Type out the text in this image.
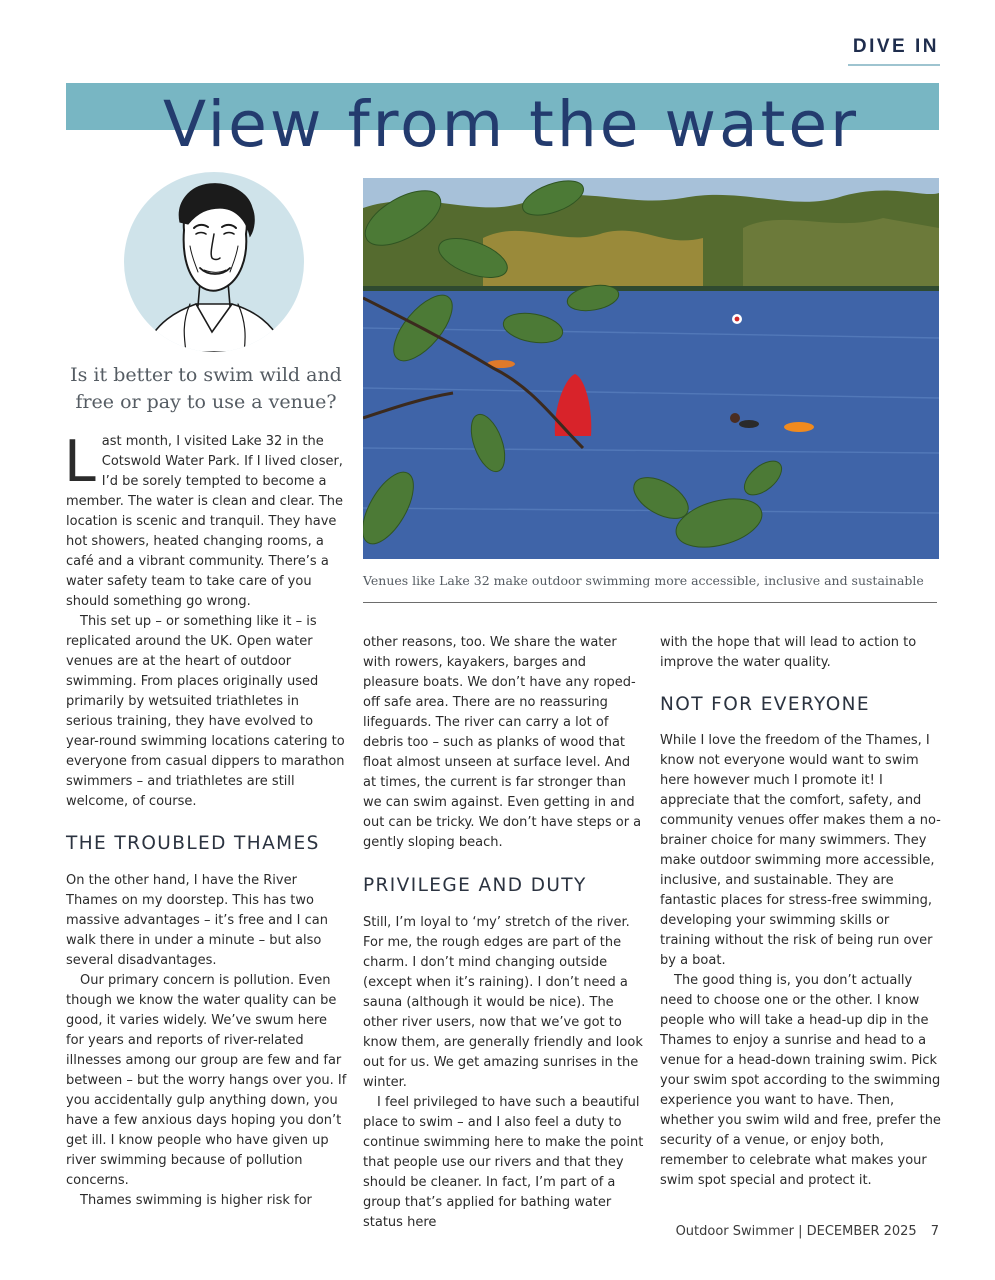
DIVE IN
View from the water
Is it better to swim wild and free or pay to use a venue?

Venues like Lake 32 make outdoor swimming more accessible, inclusive and sustainable

Last month, I visited Lake 32 in the Cotswold Water Park. If I lived closer, I’d be sorely tempted to become a member. The water is clean and clear. The location is scenic and tranquil. They have hot showers, heated changing rooms, a café and a vibrant community. There’s a water safety team to take care of you should something go wrong.

This set up – or something like it – is replicated around the UK. Open water venues are at the heart of outdoor swimming. From places originally used primarily by wetsuited triathletes in serious training, they have evolved to year-round swimming locations catering to everyone from casual dippers to marathon swimmers – and triathletes are still welcome, of course.

THE TROUBLED THAMES

On the other hand, I have the River Thames on my doorstep. This has two massive advantages – it’s free and I can walk there in under a minute – but also several disadvantages.

Our primary concern is pollution. Even though we know the water quality can be good, it varies widely. We’ve swum here for years and reports of river-related illnesses among our group are few and far between – but the worry hangs over you. If you accidentally gulp anything down, you have a few anxious days hoping you don’t get ill. I know people who have given up river swimming because of pollution concerns.

Thames swimming is higher risk for

other reasons, too. We share the water with rowers, kayakers, barges and pleasure boats. We don’t have any roped-off safe area. There are no reassuring lifeguards. The river can carry a lot of debris too – such as planks of wood that float almost unseen at surface level. And at times, the current is far stronger than we can swim against. Even getting in and out can be tricky. We don’t have steps or a gently sloping beach.

PRIVILEGE AND DUTY

Still, I’m loyal to ‘my’ stretch of the river. For me, the rough edges are part of the charm. I don’t mind changing outside (except when it’s raining). I don’t need a sauna (although it would be nice). The other river users, now that we’ve got to know them, are generally friendly and look out for us. We get amazing sunrises in the winter.

I feel privileged to have such a beautiful place to swim – and I also feel a duty to continue swimming here to make the point that people use our rivers and that they should be cleaner. In fact, I’m part of a group that’s applied for bathing water status here

with the hope that will lead to action to improve the water quality.

NOT FOR EVERYONE

While I love the freedom of the Thames, I know not everyone would want to swim here however much I promote it! I appreciate that the comfort, safety, and community venues offer makes them a no-brainer choice for many swimmers. They make outdoor swimming more accessible, inclusive, and sustainable. They are fantastic places for stress-free swimming, developing your swimming skills or training without the risk of being run over by a boat.

The good thing is, you don’t actually need to choose one or the other. I know people who will take a head-up dip in the Thames to enjoy a sunrise and head to a venue for a head-down training swim. Pick your swim spot according to the swimming experience you want to have. Then, whether you swim wild and free, prefer the security of a venue, or enjoy both, remember to celebrate what makes your swim spot special and protect it.

Outdoor Swimmer | DECEMBER 2025 7
